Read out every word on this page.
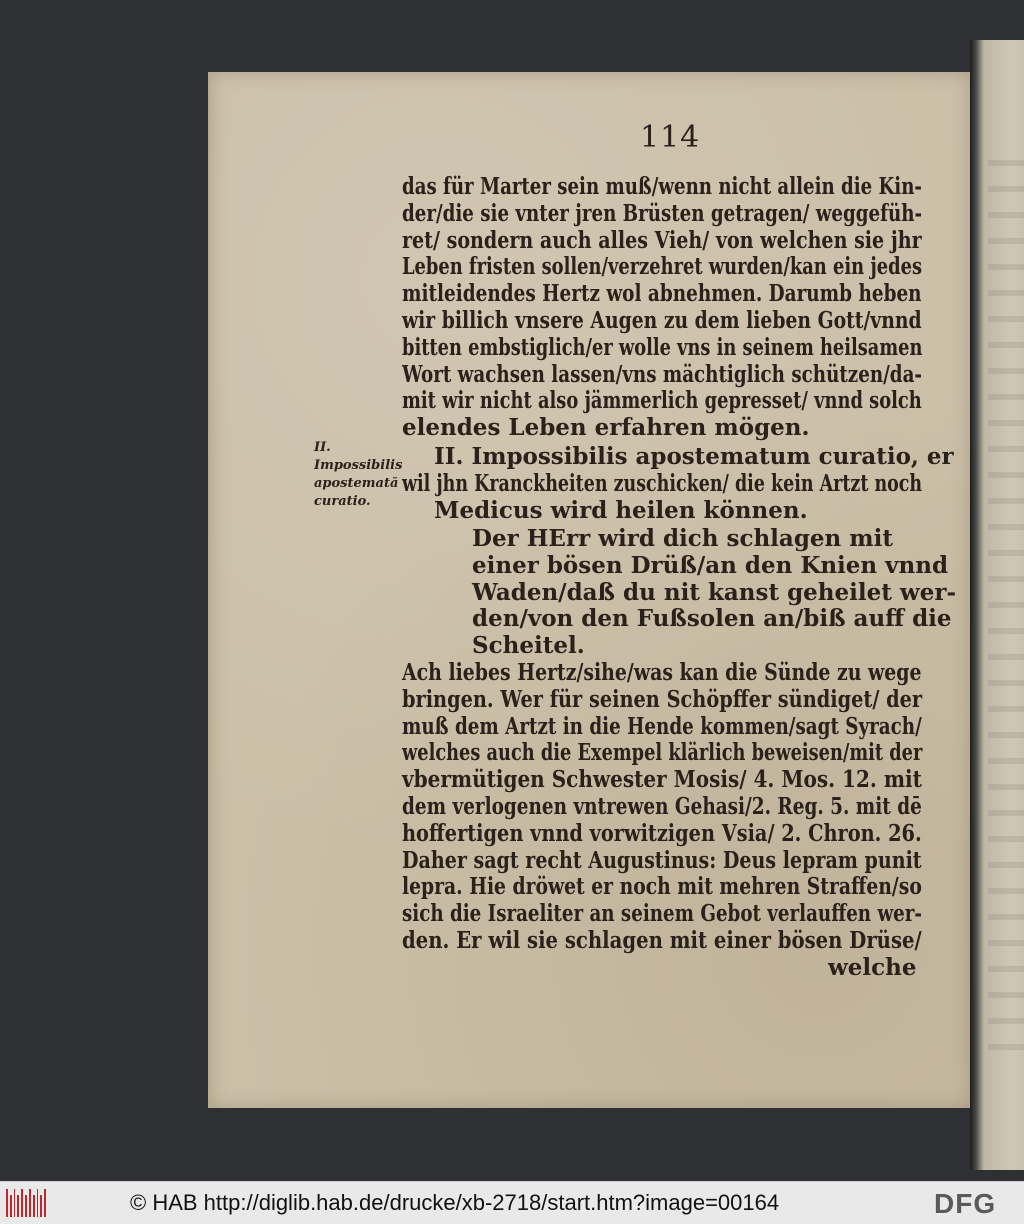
114
das für Marter sein muß/wenn nicht allein die Kin-
der/die sie vnter jren Brüsten getragen/ weggefüh-
ret/ sondern auch alles Vieh/ von welchen sie jhr
Leben fristen sollen/verzehret wurden/kan ein jedes
mitleidendes Hertz wol abnehmen. Darumb heben
wir billich vnsere Augen zu dem lieben Gott/vnnd
bitten embstiglich/er wolle vns in seinem heilsamen
Wort wachsen lassen/vns mächtiglich schützen/da-
mit wir nicht also jämmerlich gepresset/ vnnd solch
elendes Leben erfahren mögen.
II. Impossibilis apostematum curatio, er
wil jhn Kranckheiten zuschicken/ die kein Artzt noch
Medicus wird heilen können.
Der HErr wird dich schlagen mit
einer bösen Drüß/an den Knien vnnd
Waden/daß du nit kanst geheilet wer-
den/von den Fußsolen an/biß auff die
Scheitel.
Ach liebes Hertz/sihe/was kan die Sünde zu wege
bringen. Wer für seinen Schöpffer sündiget/ der
muß dem Artzt in die Hende kommen/sagt Syrach/
welches auch die Exempel klärlich beweisen/mit der
vbermütigen Schwester Mosis/ 4. Mos. 12. mit
dem verlogenen vntrewen Gehasi/2. Reg. 5. mit dē
hoffertigen vnnd vorwitzigen Vsia/ 2. Chron. 26.
Daher sagt recht Augustinus: Deus lepram punit
lepra. Hie dröwet er noch mit mehren Straffen/so
sich die Israeliter an seinem Gebot verlauffen wer-
den. Er wil sie schlagen mit einer bösen Drüse/
welche
II.
Impossibilis
apostemată
curatio.
© HAB http://diglib.hab.de/drucke/xb-2718/start.htm?image=00164	DFG
